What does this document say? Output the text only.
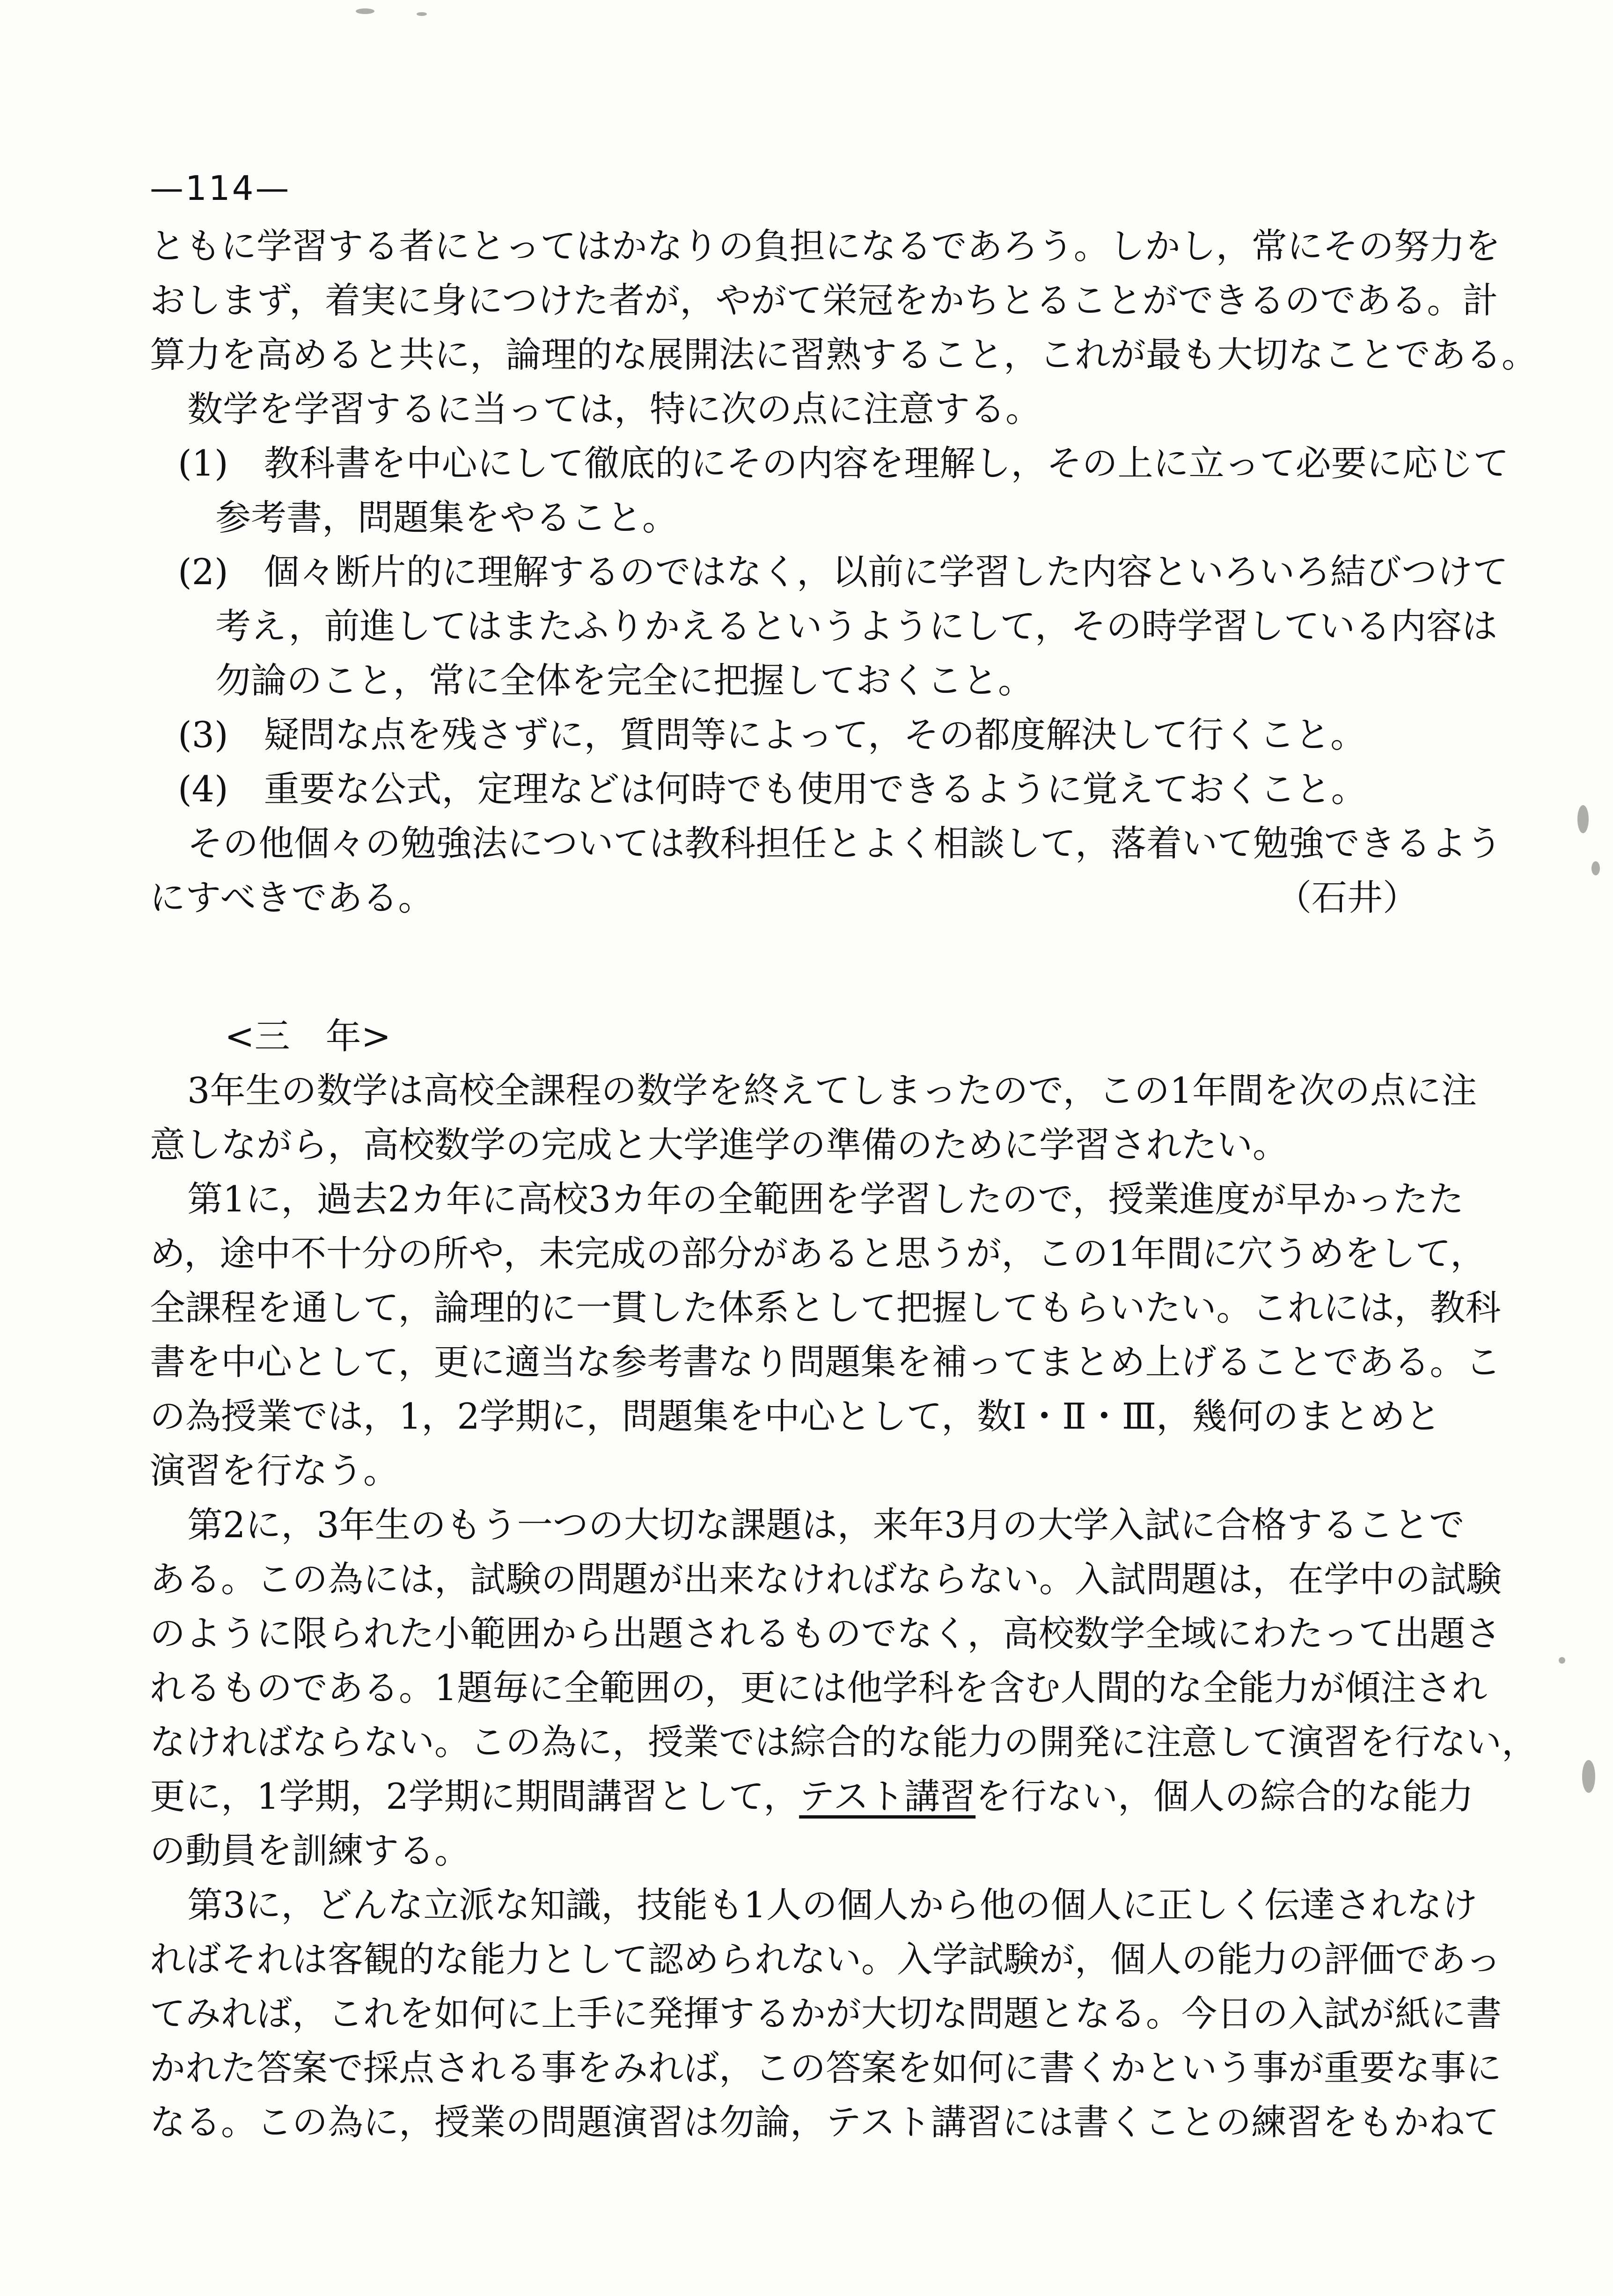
—114—
ともに学習する者にとってはかなりの負担になるであろう。しかし，常にその努力を
おしまず，着実に身につけた者が，やがて栄冠をかちとることができるのである。計
算力を高めると共に，論理的な展開法に習熟すること，これが最も大切なことである。
数学を学習するに当っては，特に次の点に注意する。
(1)　教科書を中心にして徹底的にその内容を理解し，その上に立って必要に応じて
参考書，問題集をやること。
(2)　個々断片的に理解するのではなく，以前に学習した内容といろいろ結びつけて
考え，前進してはまたふりかえるというようにして，その時学習している内容は
勿論のこと，常に全体を完全に把握しておくこと。
(3)　疑問な点を残さずに，質問等によって，その都度解決して行くこと。
(4)　重要な公式，定理などは何時でも使用できるように覚えておくこと。
その他個々の勉強法については教科担任とよく相談して，落着いて勉強できるよう
にすべきである。	（石井）
<三　年>
3年生の数学は高校全課程の数学を終えてしまったので，この1年間を次の点に注
意しながら，高校数学の完成と大学進学の準備のために学習されたい。
第1に，過去2カ年に高校3カ年の全範囲を学習したので，授業進度が早かったた
め，途中不十分の所や，未完成の部分があると思うが，この1年間に穴うめをして，
全課程を通して，論理的に一貫した体系として把握してもらいたい。これには，教科
書を中心として，更に適当な参考書なり問題集を補ってまとめ上げることである。こ
の為授業では，1，2学期に，問題集を中心として，数Ⅰ・Ⅱ・Ⅲ，幾何のまとめと
演習を行なう。
第2に，3年生のもう一つの大切な課題は，来年3月の大学入試に合格することで
ある。この為には，試験の問題が出来なければならない。入試問題は，在学中の試験
のように限られた小範囲から出題されるものでなく，高校数学全域にわたって出題さ
れるものである。1題毎に全範囲の，更には他学科を含む人間的な全能力が傾注され
なければならない。この為に，授業では綜合的な能力の開発に注意して演習を行ない，
更に，1学期，2学期に期間講習として，テスト講習を行ない，個人の綜合的な能力
の動員を訓練する。
第3に，どんな立派な知識，技能も1人の個人から他の個人に正しく伝達されなけ
ればそれは客観的な能力として認められない。入学試験が，個人の能力の評価であっ
てみれば，これを如何に上手に発揮するかが大切な問題となる。今日の入試が紙に書
かれた答案で採点される事をみれば，この答案を如何に書くかという事が重要な事に
なる。この為に，授業の問題演習は勿論，テスト講習には書くことの練習をもかねて
